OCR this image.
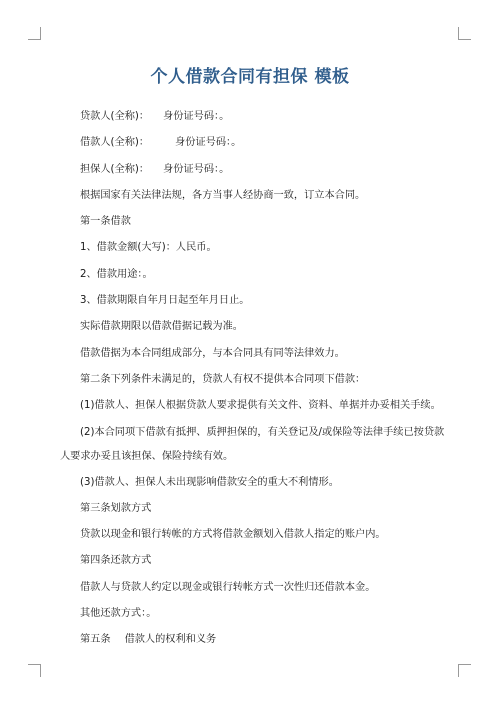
个人借款合同有担保 模板
贷款人(全称)： 身份证号码：。
借款人(全称)：	身份证号码：。
担保人(全称)： 身份证号码：。
根据国家有关法律法规，各方当事人经协商一致，订立本合同。
第一条借款
1、借款金额(大写)：人民币。
2、借款用途：。
3、借款期限自年月日起至年月日止。
实际借款期限以借款借据记载为准。
借款借据为本合同组成部分，与本合同具有同等法律效力。
第二条下列条件未满足的，贷款人有权不提供本合同项下借款：
(1)借款人、担保人根据贷款人要求提供有关文件、资料、单据并办妥相关手续。
(2)本合同项下借款有抵押、质押担保的，有关登记及/或保险等法律手续已按贷款人要求办妥且该担保、保险持续有效。
(3)借款人、担保人未出现影响借款安全的重大不利情形。
第三条划款方式
贷款以现金和银行转帐的方式将借款金额划入借款人指定的账户内。
第四条还款方式
借款人与贷款人约定以现金或银行转帐方式一次性归还借款本金。
其他还款方式：。
第五条 借款人的权利和义务
